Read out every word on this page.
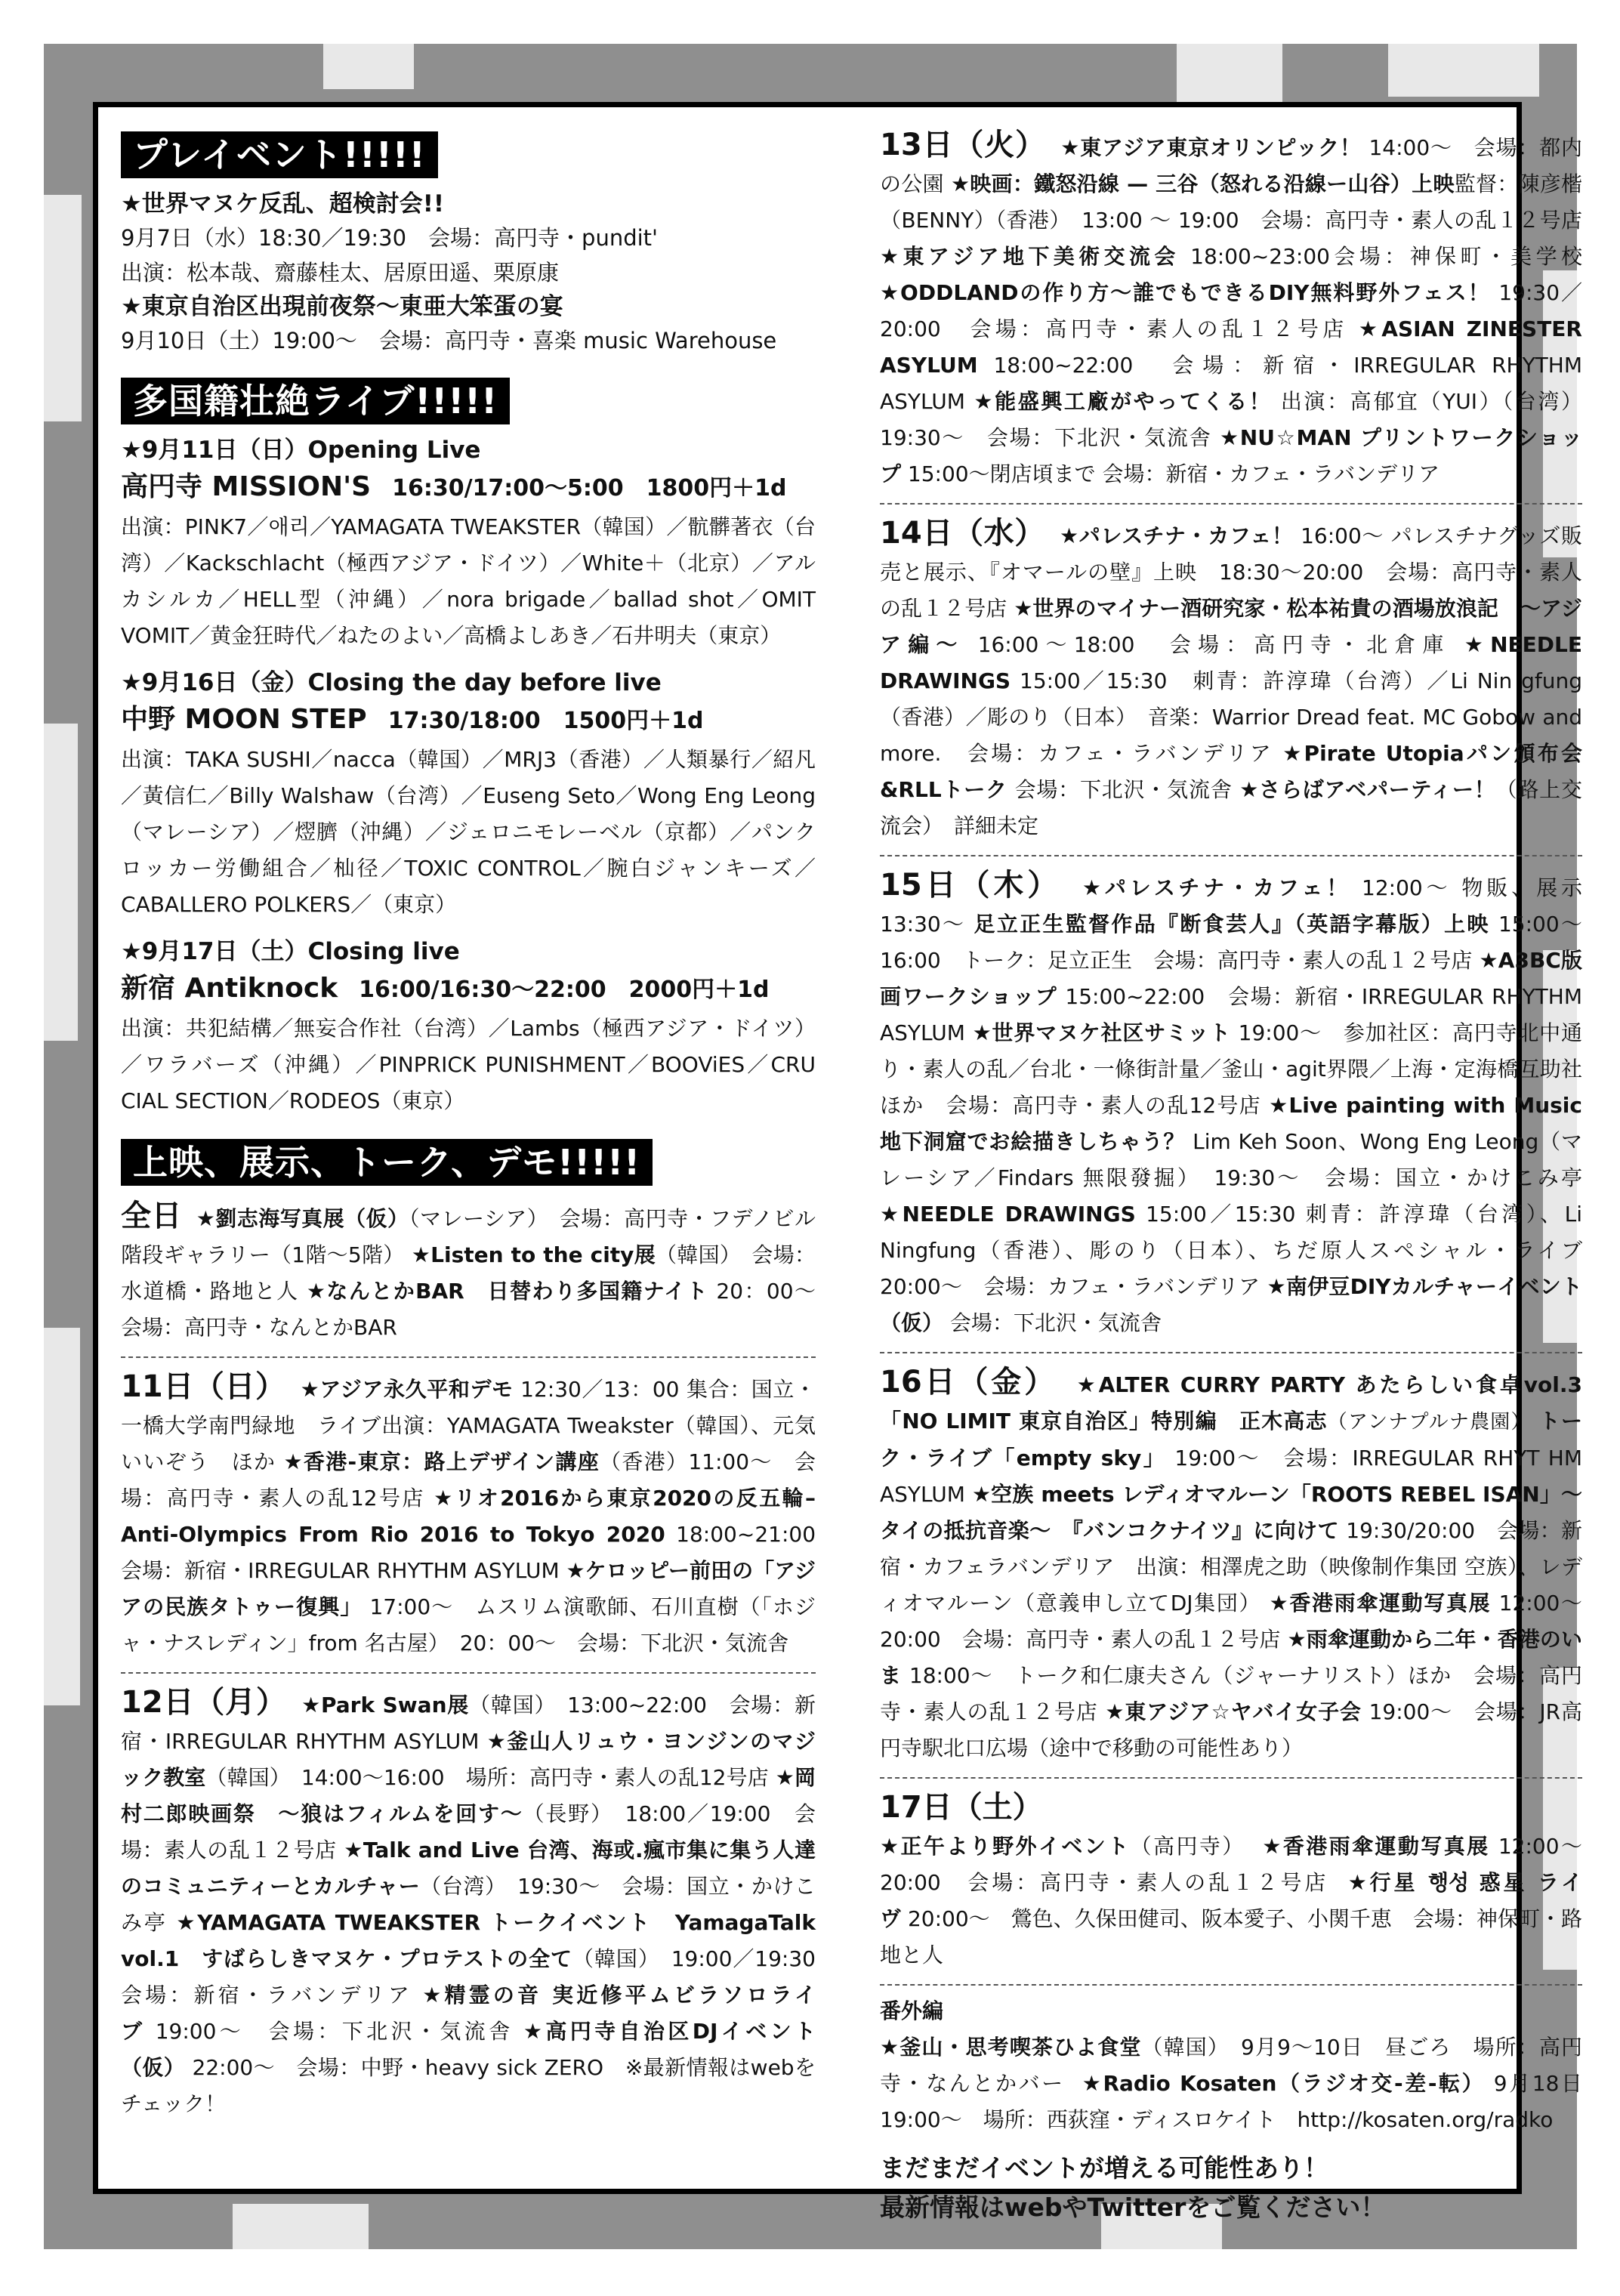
プレイベント!!!!!
★世界マヌケ反乱、超検討会!!
9月7日（水）18:30／19:30　会場：高円寺・pundit'
出演：松本哉、齋藤桂太、居原田遥、栗原康
★東京自治区出現前夜祭〜東亜大笨蛋の宴
9月10日（土）19:00〜　会場：高円寺・喜楽 music Warehouse
多国籍壮絶ライブ!!!!!
★9月11日（日）Opening Live
高円寺 MISSION'S 16:30/17:00〜5:00　1800円＋1d
出演：PINK7／애리／YAMAGATA TWEAKSTER（韓国）／骯髒著衣（台湾）／Kackschlacht（極西アジア・ドイツ）／White＋（北京）／アルカシルカ／HELL型（沖縄）／nora brigade／ballad shot／OMIT VOMIT／黄金狂時代／ねたのよい／高橋よしあき／石井明夫（東京）
★9月16日（金）Closing the day before live
中野 MOON STEP 17:30/18:00　1500円＋1d
出演：TAKA SUSHI／nacca（韓国）／MRJ3（香港）／人類暴行／紹凡／黃信仁／Billy Walshaw（台湾）／Euseng Seto／Wong Eng Leong（マレーシア）／熤臍（沖縄）／ジェロニモレーベル（京都）／パンクロッカー労働組合／杣径／TOXIC CONTROL／腕白ジャンキーズ／CABALLERO POLKERS／（東京）
★9月17日（土）Closing live
新宿 Antiknock 16:00/16:30〜22:00　2000円＋1d
出演：共犯結構／無妄合作社（台湾）／Lambs（極西アジア・ドイツ）／ワラバーズ（沖縄）／PINPRICK PUNISHMENT／BOOViES／CRU CIAL SECTION／RODEOS（東京）
上映、展示、トーク、デモ!!!!!
全日 ★劉志海写真展（仮）（マレーシア）　会場：高円寺・フデノビル階段ギャラリー（1階〜5階） ★Listen to the city展（韓国）　会場：水道橋・路地と人 ★なんとかBAR　日替わり多国籍ナイト 20：00〜　会場：高円寺・なんとかBAR
11日（日） ★アジア永久平和デモ 12:30／13：00 集合：国立・一橋大学南門緑地　ライブ出演：YAMAGATA Tweakster（韓国）、元気いいぞう　ほか ★香港-東京：路上デザイン講座（香港）11:00〜　会場：高円寺・素人の乱12号店 ★リオ2016から東京2020の反五輪– Anti-Olympics From Rio 2016 to Tokyo 2020 18:00~21:00　会場：新宿・IRREGULAR RHYTHM ASYLUM ★ケロッピー前田の「アジアの民族タトゥー復興」 17:00〜　ムスリム演歌師、石川直樹（「ホジャ・ナスレディン」from 名古屋）　20：00〜　会場：下北沢・気流舎
12日（月） ★Park Swan展（韓国）　13:00~22:00　会場：新宿・IRREGULAR RHYTHM ASYLUM ★釜山人リュウ・ヨンジンのマジック教室（韓国）　14:00〜16:00　場所：高円寺・素人の乱12号店 ★岡村二郎映画祭　〜狼はフィルムを回す〜（長野）　18:00／19:00　会場：素人の乱１２号店 ★Talk and Live 台湾、海或.瘋市集に集う人達のコミュニティーとカルチャー（台湾）　19:30〜　会場：国立・かけこみ亭 ★YAMAGATA TWEAKSTER トークイベント　YamagaTalk vol.1　すばらしきマヌケ・プロテストの全て（韓国）　19:00／19:30　会場：新宿・ラバンデリア ★精霊の音 実近修平ムビラソロライブ 19:00〜　会場：下北沢・気流舎 ★高円寺自治区DJイベント（仮） 22:00〜　会場：中野・heavy sick ZERO　※最新情報はwebをチェック！
13日（火） ★東アジア東京オリンピック！ 14:00〜　会場：都内の公園 ★映画：鐵怒沿線 — 三谷（怒れる沿線ー山谷）上映監督：陳彦楷（BENNY）（香港）　13:00 〜 19:00　会場：高円寺・素人の乱１２号店 ★東アジア地下美術交流会 18:00~23:00会場：神保町・美学校 ★ODDLANDの作り方〜誰でもできるDIY無料野外フェス！ 19:30／20:00　会場：高円寺・素人の乱１２号店 ★ASIAN ZINESTER ASYLUM 18:00~22:00　会場：新宿・IRREGULAR RHYTHM ASYLUM ★能盛興工廠がやってくる！ 出演：高郁宜（YUI）（台湾）19:30〜　会場：下北沢・気流舎 ★NU☆MAN プリントワークショップ 15:00〜閉店頃まで 会場：新宿・カフェ・ラバンデリア
14日（水） ★パレスチナ・カフェ！ 16:00〜 パレスチナグッズ販売と展示、『オマールの壁』上映　18:30〜20:00　会場：高円寺・素人の乱１２号店 ★世界のマイナー酒研究家・松本祐貴の酒場放浪記　〜アジア編〜 16:00〜18:00　会場：高円寺・北倉庫 ★NEEDLE DRAWINGS 15:00／15:30　刺青：許淳瑋（台湾）／Li Nin gfung（香港）／彫のり（日本）　音楽：Warrior Dread feat. MC Gobow and more.　会場：カフェ・ラバンデリア ★Pirate Utopiaパン頒布会&RLLトーク 会場：下北沢・気流舎 ★さらばアベパーティー！（路上交流会）　詳細未定
15日（木） ★パレスチナ・カフェ！ 12:00〜 物販、展示　13:30〜 足立正生監督作品『断食芸人』（英語字幕版）上映 15:00〜16:00　トーク：足立正生　会場：高円寺・素人の乱１２号店 ★A3BC版画ワークショップ 15:00~22:00　会場：新宿・IRREGULAR RHYTHM ASYLUM ★世界マヌケ社区サミット 19:00〜　参加社区：高円寺北中通り・素人の乱／台北・一條街計量／釜山・agit界隈／上海・定海橋互助社 ほか　会場：高円寺・素人の乱12号店 ★Live painting with Music 地下洞窟でお絵描きしちゃう？ Lim Keh Soon、Wong Eng Leong（マレーシア／Findars 無限發掘）　19:30〜　会場：国立・かけこみ亭 ★NEEDLE DRAWINGS 15:00／15:30 刺青：許淳瑋（台湾）、Li Ningfung（香港）、彫のり（日本）、ちだ原人スペシャル・ライブ 20:00〜　会場：カフェ・ラバンデリア ★南伊豆DIYカルチャーイベント（仮） 会場：下北沢・気流舎
16日（金） ★ALTER CURRY PARTY あたらしい食卓vol.3「NO LIMIT 東京自治区」特別編　正木高志（アンナプルナ農園） トーク・ライブ「empty sky」 19:00〜　会場：IRREGULAR RHYT HM ASYLUM ★空族 meets レディオマルーン「ROOTS REBEL ISAN」〜タイの抵抗音楽〜　『バンコクナイツ』に向けて 19:30/20:00　会場：新宿・カフェラバンデリア　出演：相澤虎之助（映像制作集団 空族）、レディオマルーン（意義申し立てDJ集団） ★香港雨傘運動写真展 12:00〜20:00　会場：高円寺・素人の乱１２号店 ★雨傘運動から二年・香港のいま 18:00〜　トーク和仁康夫さん（ジャーナリスト）ほか　会場：高円寺・素人の乱１２号店 ★東アジア☆ヤバイ女子会 19:00〜　会場：JR高円寺駅北口広場（途中で移動の可能性あり）
17日（土）
★正午より野外イベント（高円寺） ★香港雨傘運動写真展 12:00〜20:00　会場：高円寺・素人の乱１２号店 ★行星 행성 惑星 ライヴ 20:00〜　鶯色、久保田健司、阪本愛子、小関千恵　会場：神保町・路地と人
番外編
★釜山・思考喫茶ひよ食堂（韓国）　9月9〜10日　昼ごろ　場所：高円寺・なんとかバー ★Radio Kosaten（ラジオ交-差-転） 9月18日 19:00〜　場所：西荻窪・ディスロケイト　http://kosaten.org/radko
まだまだイベントが増える可能性あり！
最新情報はwebやTwitterをご覧ください！
